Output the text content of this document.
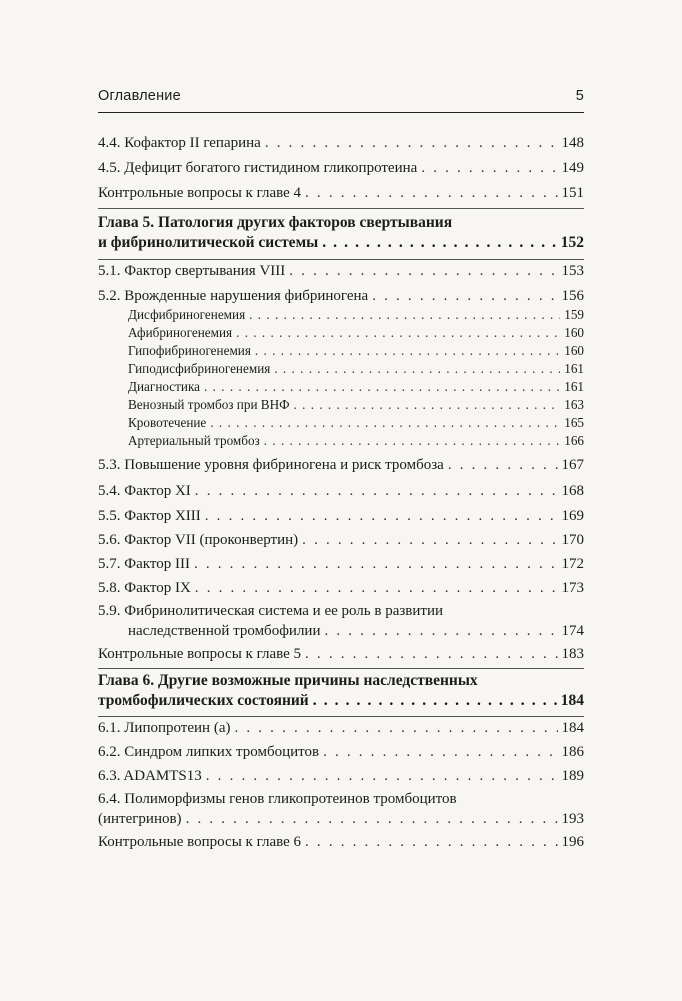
Оглавление	5
4.4. Кофактор II гепарина . . .	148
4.5. Дефицит богатого гистидином гликопротеина . . .	149
Контрольные вопросы к главе 4 . . .	151
Глава 5. Патология других факторов свертывания
и фибринолитической системы . . .	152
5.1. Фактор свертывания VIII . . .	153
5.2. Врожденные нарушения фибриногена . . .	156
Дисфибриногенемия . . .	159
Афибриногенемия . . .	160
Гипофибриногенемия . . .	160
Гиподисфибриногенемия . . .	161
Диагностика . . .	161
Венозный тромбоз при ВНФ . . .	163
Кровотечение . . .	165
Артериальный тромбоз . . .	166
5.3. Повышение уровня фибриногена и риск тромбоза . . .	167
5.4. Фактор XI . . .	168
5.5. Фактор XIII . . .	169
5.6. Фактор VII (проконвертин) . . .	170
5.7. Фактор III . . .	172
5.8. Фактор IX . . .	173
5.9. Фибринолитическая система и ее роль в развитии
наследственной тромбофилии . . .	174
Контрольные вопросы к главе 5 . . .	183
Глава 6. Другие возможные причины наследственных
тромбофилических состояний . . .	184
6.1. Липопротеин (а) . . .	184
6.2. Синдром липких тромбоцитов . . .	186
6.3. ADAMTS13 . . .	189
6.4. Полиморфизмы генов гликопротеинов тромбоцитов
(интегринов) . . .	193
Контрольные вопросы к главе 6 . . .	196
